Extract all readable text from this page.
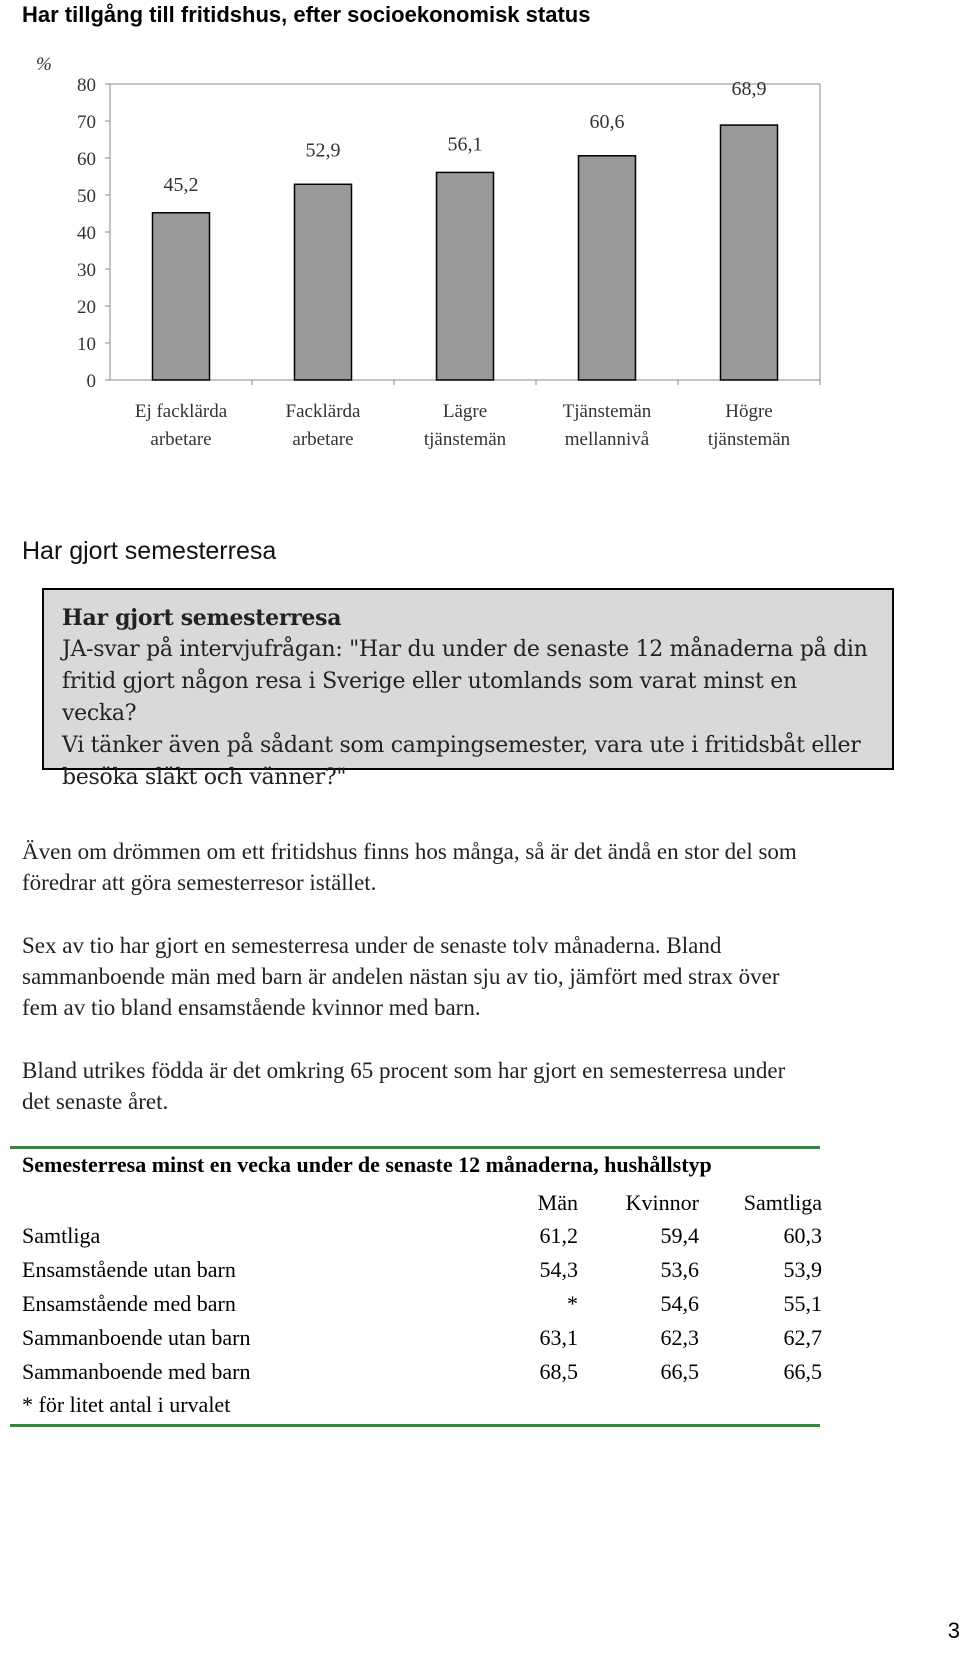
Har tillgång till fritidshus, efter socioekonomisk status
%
0
10
20
30
40
50
60
70
80
45,2
52,9	56,1
60,6
68,9
Ej facklärda
arbetare
Facklärda
arbetare
Lägre
tjänstemän
Tjänstemän
mellannivå
Högre
tjänstemän
Har gjort semesterresa
Har gjort semesterresa
JA-svar på intervjufrågan: "Har du under de senaste 12 månaderna på din
fritid gjort någon resa i Sverige eller utomlands som varat minst en vecka?
Vi tänker även på sådant som campingsemester, vara ute i fritidsbåt eller
besöka släkt och vänner?"
Även om drömmen om ett fritidshus finns hos många, så är det ändå en stor del som
föredrar att göra semesterresor istället.
Sex av tio har gjort en semesterresa under de senaste tolv månaderna. Bland
sammanboende män med barn är andelen nästan sju av tio, jämfört med strax över
fem av tio bland ensamstående kvinnor med barn.
Bland utrikes födda är det omkring 65 procent som har gjort en semesterresa under
det senaste året.
Semesterresa minst en vecka under de senaste 12 månaderna, hushållstyp
Män Kvinnor Samtliga
Samtliga	61,2	59,4	60,3
Ensamstående utan barn	54,3	53,6	53,9
Ensamstående med barn	*	54,6	55,1
Sammanboende utan barn	63,1	62,3	62,7
Sammanboende med barn	68,5	66,5	66,5
* för litet antal i urvalet
3
